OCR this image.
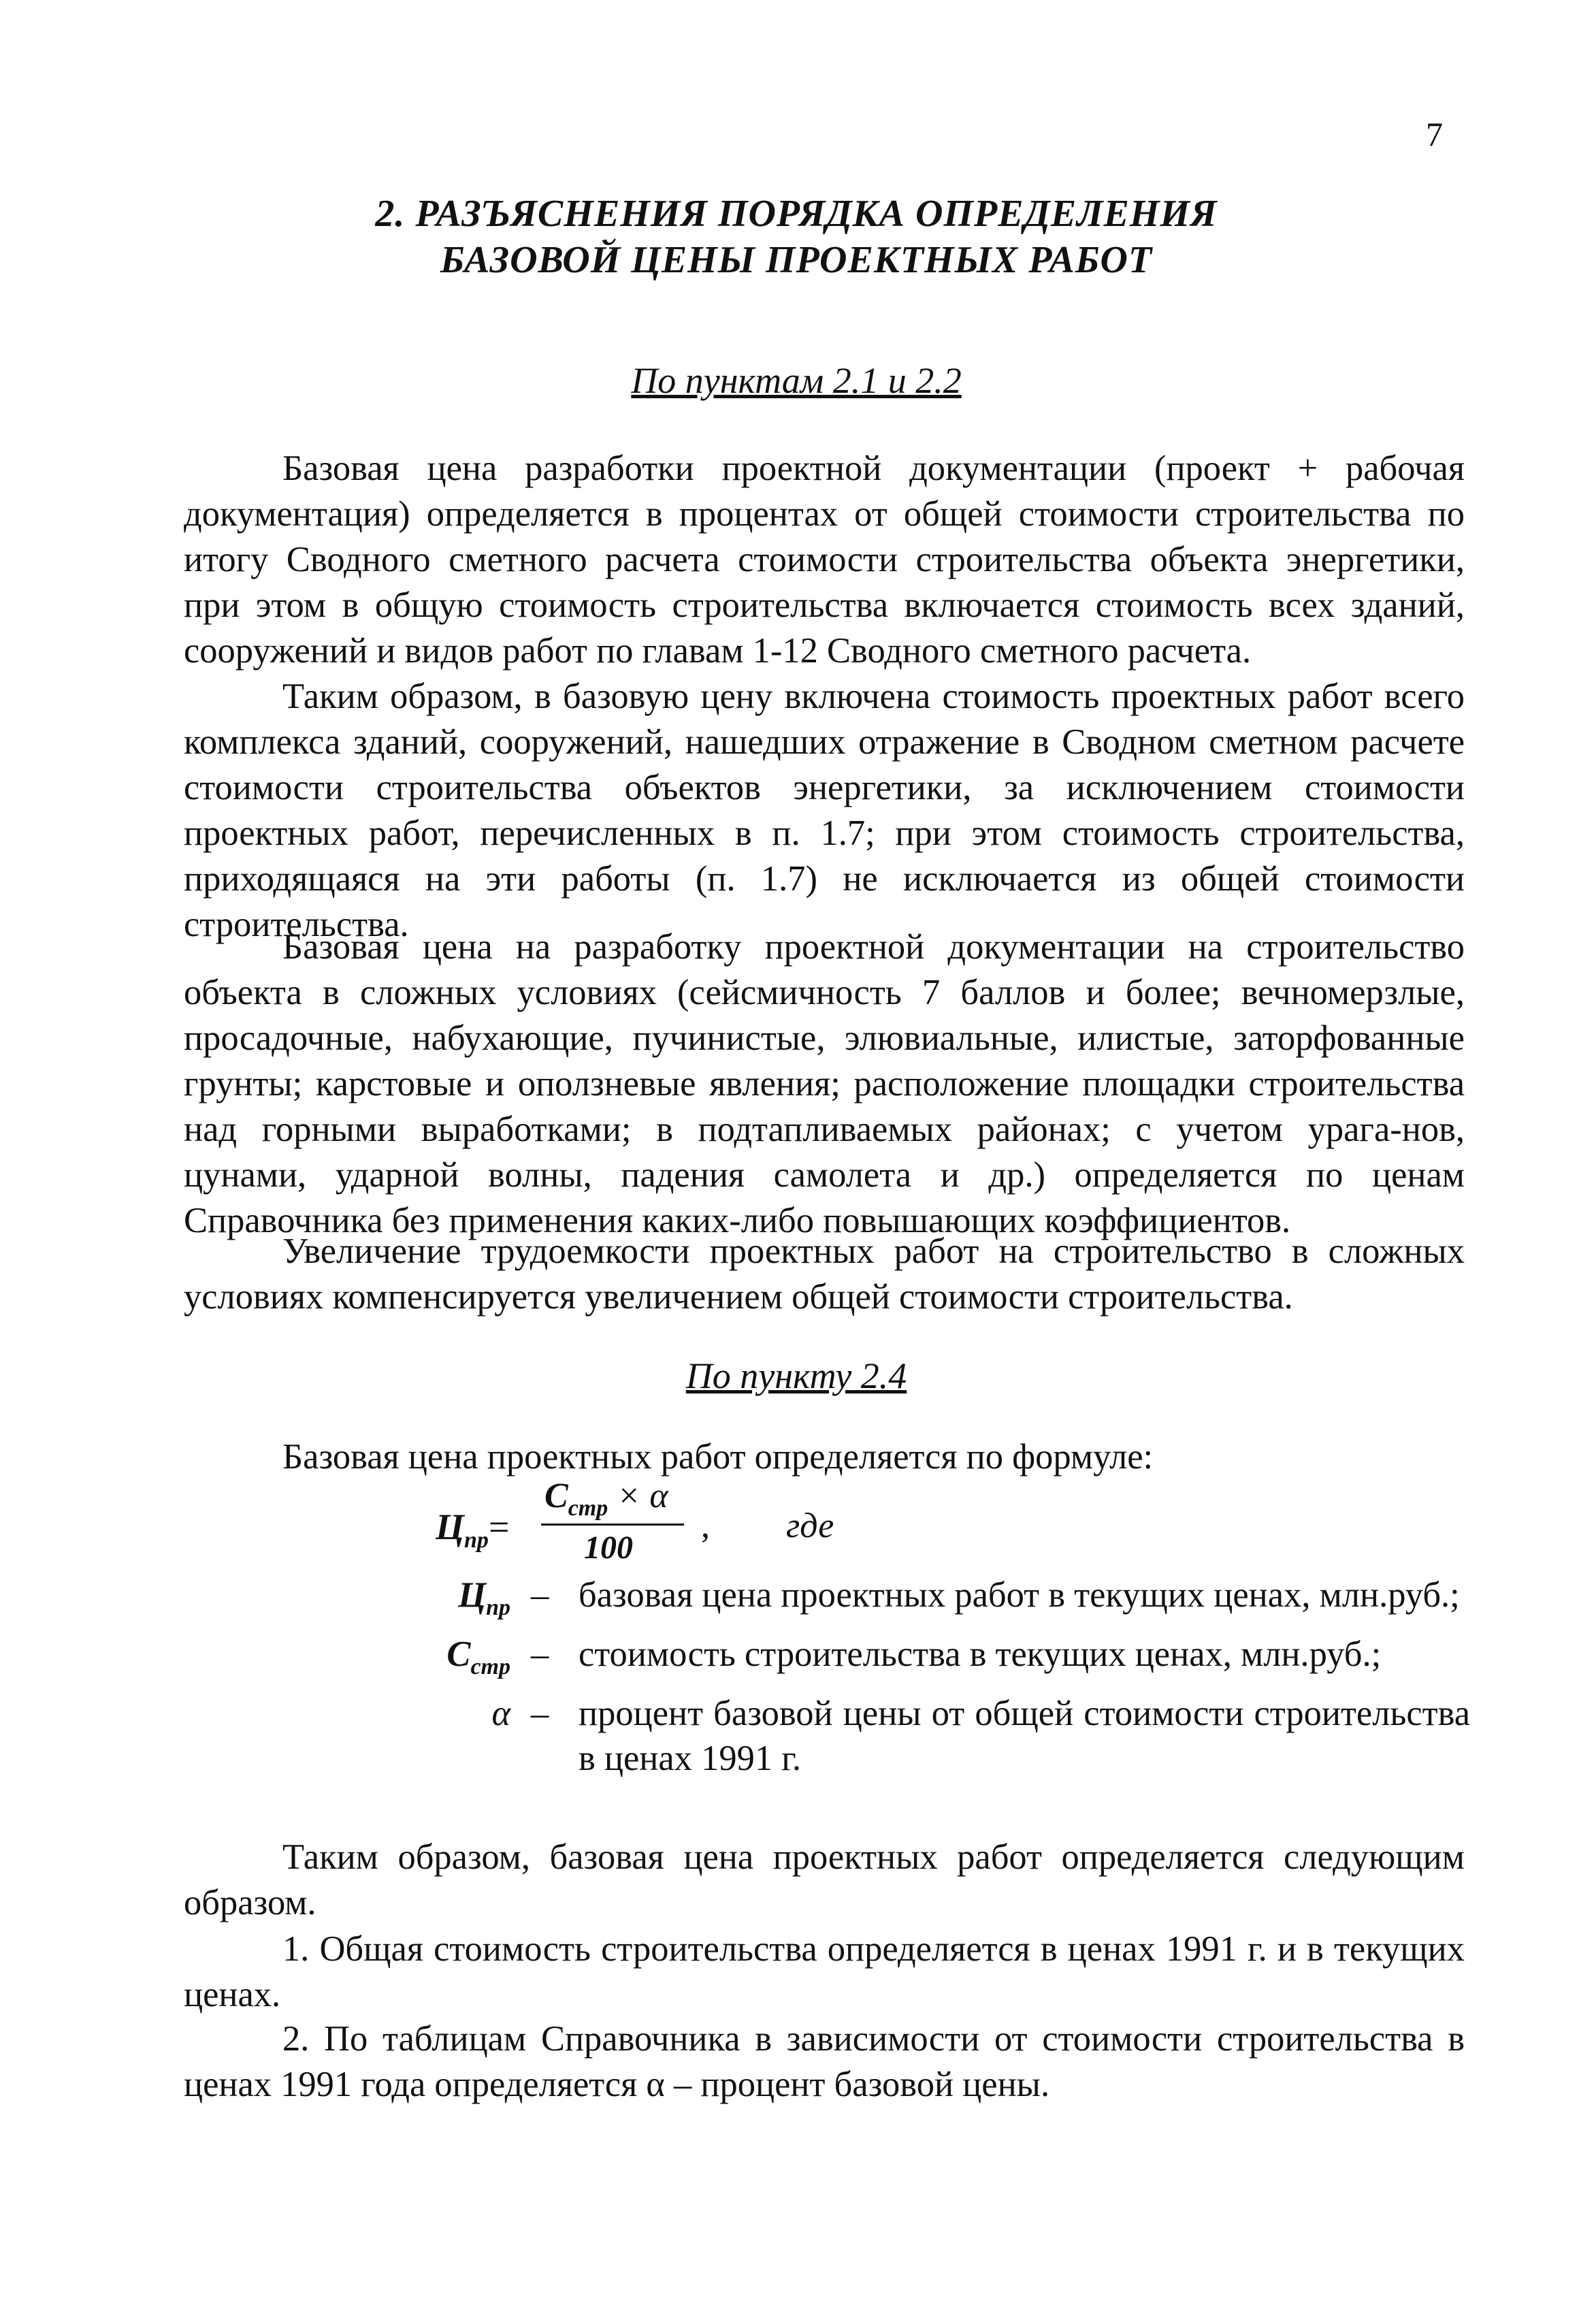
7
2. РАЗЪЯСНЕНИЯ ПОРЯДКА ОПРЕДЕЛЕНИЯ
БАЗОВОЙ ЦЕНЫ ПРОЕКТНЫХ РАБОТ
По пунктам 2.1 и 2.2
Базовая цена разработки проектной документации (проект + рабочая документация) определяется в процентах от общей стоимости строительства по итогу Сводного сметного расчета стоимости строительства объекта энергетики, при этом в общую стоимость строительства включается стоимость всех зданий, сооружений и видов работ по главам 1-12 Сводного сметного расчета.
Таким образом, в базовую цену включена стоимость проектных работ всего комплекса зданий, сооружений, нашедших отражение в Сводном сметном расчете стоимости строительства объектов энергетики, за исключением стоимости проектных работ, перечисленных в п. 1.7; при этом стоимость строительства, приходящаяся на эти работы (п. 1.7) не исключается из общей стоимости строительства.
Базовая цена на разработку проектной документации на строительство объекта в сложных условиях (сейсмичность 7 баллов и более; вечномерзлые, просадочные, набухающие, пучинистые, элювиальные, илистые, заторфованные грунты; карстовые и оползневые явления; расположение площадки строительства над горными выработками; в подтапливаемых районах; с учетом урага-нов, цунами, ударной волны, падения самолета и др.) определяется по ценам Справочника без применения каких-либо повышающих коэффициентов.
Увеличение трудоемкости проектных работ на строительство в сложных условиях компенсируется увеличением общей стоимости строительства.
По пункту 2.4
Базовая цена проектных работ определяется по формуле:
$Ц_{пр}=$
$С_{стр} \times \alpha$
100
, где
$Ц_{пр}$ – базовая цена проектных работ в текущих ценах, млн.руб.;
$С_{стр}$ – стоимость строительства в текущих ценах, млн.руб.;
α – процент базовой цены от общей стоимости строительства в ценах 1991 г.
Таким образом, базовая цена проектных работ определяется следующим образом.
1. Общая стоимость строительства определяется в ценах 1991 г. и в текущих ценах.
2. По таблицам Справочника в зависимости от стоимости строительства в ценах 1991 года определяется α – процент базовой цены.
